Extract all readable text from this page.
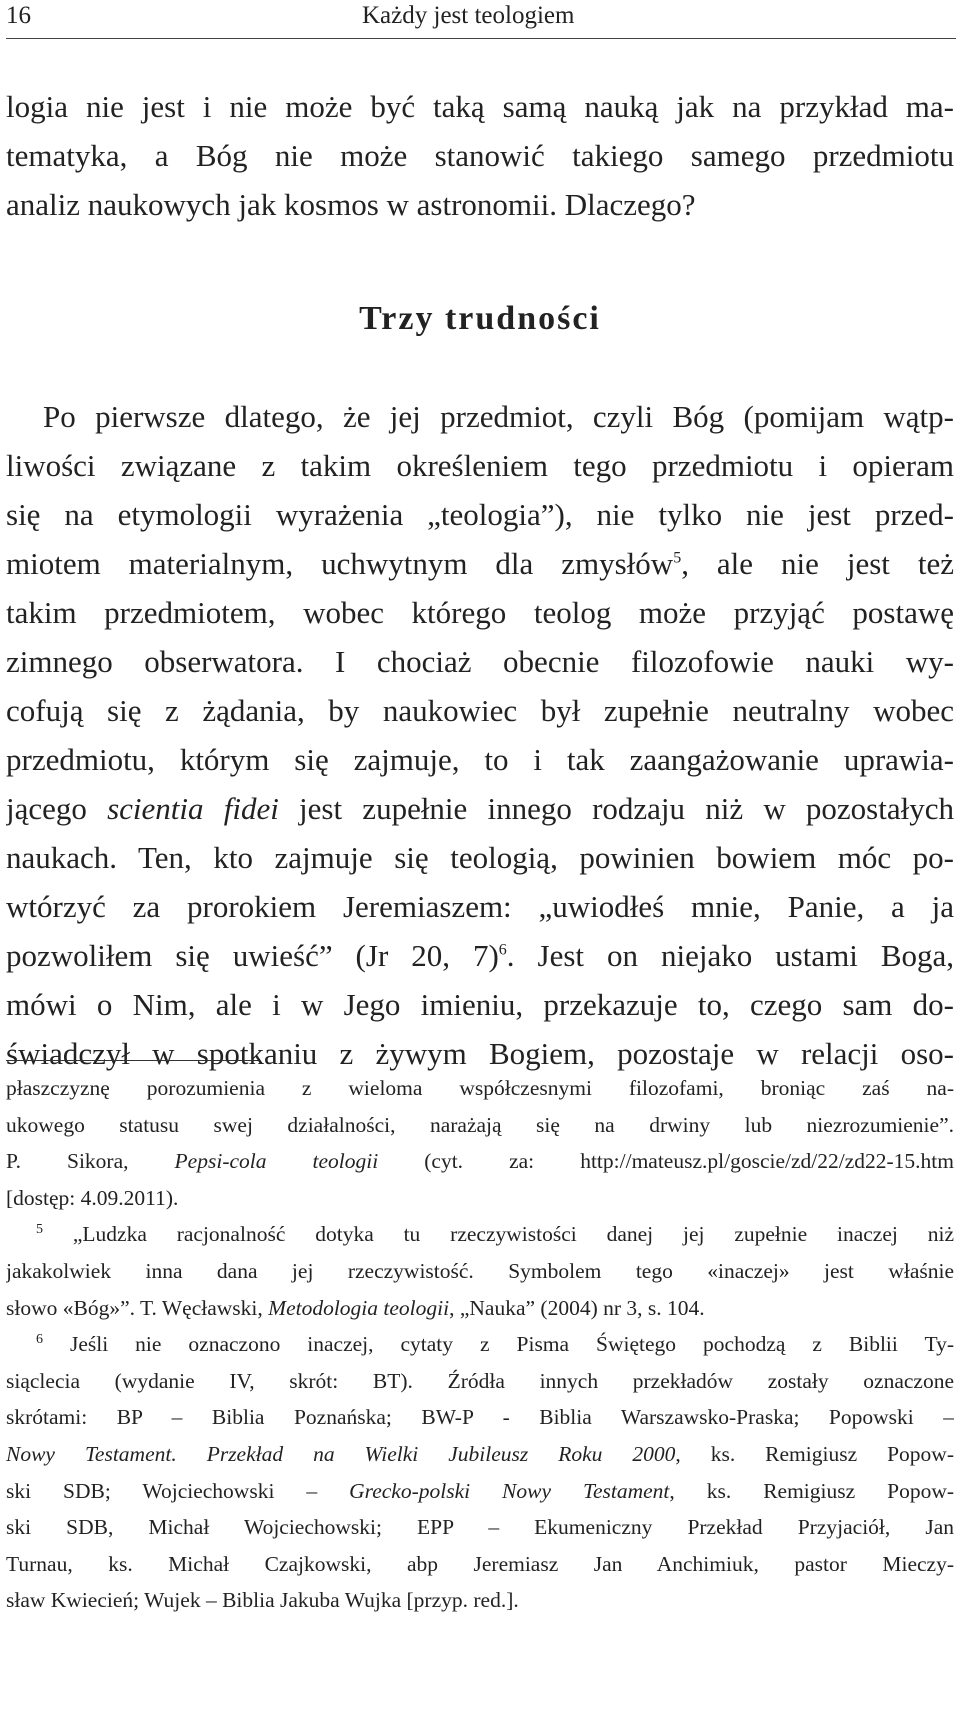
16	Każdy jest teologiem
logia nie jest i nie może być taką samą nauką jak na przykład ma-
tematyka, a Bóg nie może stanowić takiego samego przedmiotu
analiz naukowych jak kosmos w astronomii. Dlaczego?
Trzy trudności
Po pierwsze dlatego, że jej przedmiot, czyli Bóg (pomijam wątp-
liwości związane z takim określeniem tego przedmiotu i opieram
się na etymologii wyrażenia „teologia”), nie tylko nie jest przed-
miotem materialnym, uchwytnym dla zmysłów$^5$, ale nie jest też
takim przedmiotem, wobec którego teolog może przyjąć postawę
zimnego obserwatora. I chociaż obecnie filozofowie nauki wy-
cofują się z żądania, by naukowiec był zupełnie neutralny wobec
przedmiotu, którym się zajmuje, to i tak zaangażowanie uprawia-
jącego scientia fidei jest zupełnie innego rodzaju niż w pozostałych
naukach. Ten, kto zajmuje się teologią, powinien bowiem móc po-
wtórzyć za prorokiem Jeremiaszem: „uwiodłeś mnie, Panie, a ja
pozwoliłem się uwieść” (Jr 20, 7)$^6$. Jest on niejako ustami Boga,
mówi o Nim, ale i w Jego imieniu, przekazuje to, czego sam do-
świadczył w spotkaniu z żywym Bogiem, pozostaje w relacji oso-
płaszczyznę porozumienia z wieloma współczesnymi filozofami, broniąc zaś na-
ukowego statusu swej działalności, narażają się na drwiny lub niezrozumienie”.
P. Sikora, Pepsi-cola teologii (cyt. za: http://mateusz.pl/goscie/zd/22/zd22-15.htm
[dostęp: 4.09.2011).
$^5$ „Ludzka racjonalność dotyka tu rzeczywistości danej jej zupełnie inaczej niż
jakakolwiek inna dana jej rzeczywistość. Symbolem tego «inaczej» jest właśnie
słowo «Bóg»”. T. Węcławski, Metodologia teologii, „Nauka” (2004) nr 3, s. 104.
$^6$ Jeśli nie oznaczono inaczej, cytaty z Pisma Świętego pochodzą z Biblii Ty-
siąclecia (wydanie IV, skrót: BT). Źródła innych przekładów zostały oznaczone
skrótami: BP – Biblia Poznańska; BW-P - Biblia Warszawsko-Praska; Popowski –
Nowy Testament. Przekład na Wielki Jubileusz Roku 2000, ks. Remigiusz Popow-
ski SDB; Wojciechowski – Grecko-polski Nowy Testament, ks. Remigiusz Popow-
ski SDB, Michał Wojciechowski; EPP – Ekumeniczny Przekład Przyjaciół, Jan
Turnau, ks. Michał Czajkowski, abp Jeremiasz Jan Anchimiuk, pastor Mieczy-
sław Kwiecień; Wujek – Biblia Jakuba Wujka [przyp. red.].
